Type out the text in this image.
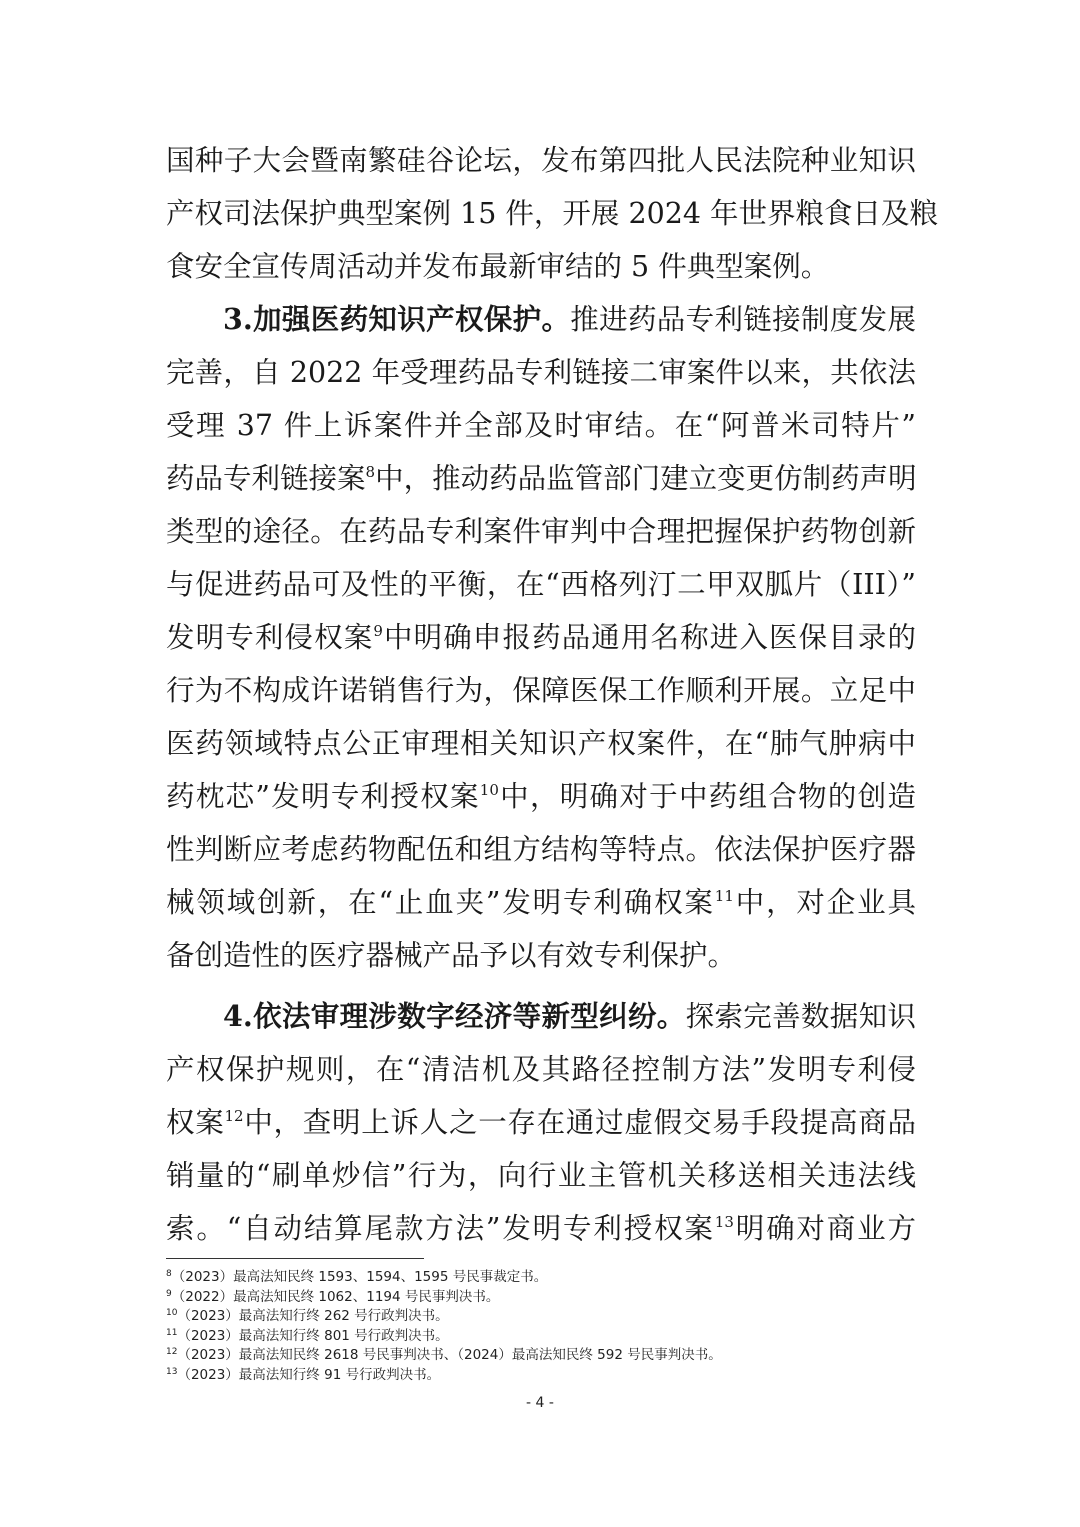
国种子大会暨南繁硅谷论坛，发布第四批人民法院种业知识
产权司法保护典型案例 15 件，开展 2024 年世界粮食日及粮
食安全宣传周活动并发布最新审结的 5 件典型案例。
3.加强医药知识产权保护。推进药品专利链接制度发展
完善，自 2022 年受理药品专利链接二审案件以来，共依法
受理 37 件上诉案件并全部及时审结。在“阿普米司特片”
药品专利链接案$^8$中，推动药品监管部门建立变更仿制药声明
类型的途径。在药品专利案件审判中合理把握保护药物创新
与促进药品可及性的平衡，在“西格列汀二甲双胍片（III）”
发明专利侵权案$^9$中明确申报药品通用名称进入医保目录的
行为不构成许诺销售行为，保障医保工作顺利开展。立足中
医药领域特点公正审理相关知识产权案件，在“肺气肿病中
药枕芯”发明专利授权案$^{10}$中，明确对于中药组合物的创造
性判断应考虑药物配伍和组方结构等特点。依法保护医疗器
械领域创新，在“止血夹”发明专利确权案$^{11}$中，对企业具
备创造性的医疗器械产品予以有效专利保护。
4.依法审理涉数字经济等新型纠纷。探索完善数据知识
产权保护规则，在“清洁机及其路径控制方法”发明专利侵
权案$^{12}$中，查明上诉人之一存在通过虚假交易手段提高商品
销量的“刷单炒信”行为，向行业主管机关移送相关违法线
索。“自动结算尾款方法”发明专利授权案$^{13}$明确对商业方
$^8$（2023）最高法知民终 1593、1594、1595 号民事裁定书。
$^9$（2022）最高法知民终 1062、1194 号民事判决书。
$^{10}$（2023）最高法知行终 262 号行政判决书。
$^{11}$（2023）最高法知行终 801 号行政判决书。
$^{12}$（2023）最高法知民终 2618 号民事判决书、（2024）最高法知民终 592 号民事判决书。
$^{13}$（2023）最高法知行终 91 号行政判决书。
- 4 -
